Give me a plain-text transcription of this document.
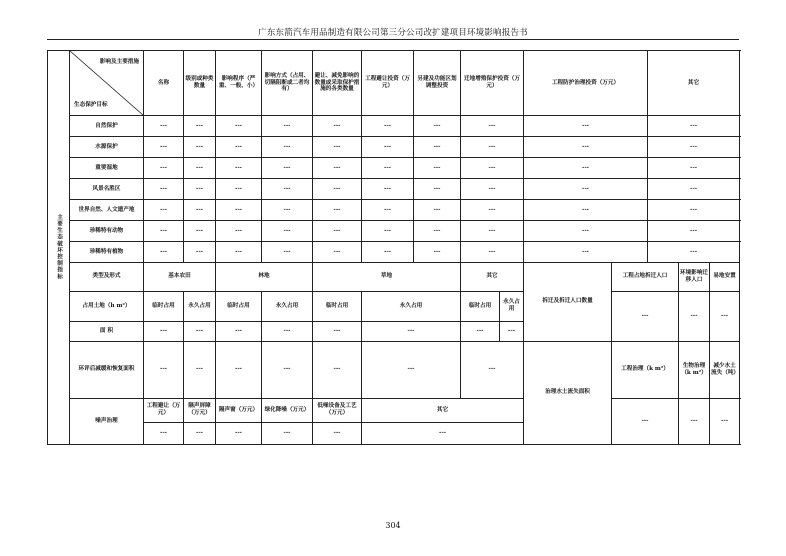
广东东箭汽车用品制造有限公司第三分公司改扩建项目环境影响报告书
主要生态破坏控制指标	影响及主要措施
生态保护目标	名称	级别或种类数量	影响程序（严重、一般、小）	影响方式（占用、切隔阻断或二者均有）	避让、减免影响的数量或采取保护措施的各类数量	工程避让投资（万元）	另建及功能区划调整投资	迁地增殖保护投资（万元）		工程防护治理投资（万元）		其它			
	自然保护	---	---	---	---	---	---	---	---		---		---			
	水源保护	---	---	---	---	---	---	---	---		---		---			
	重要湿地	---	---	---	---	---	---	---	---		---		---			
	风景名胜区	---	---	---	---	---	---	---	---		---		---			
	世界自然、人文遗产地	---	---	---	---	---	---	---	---		---		---			
	珍稀特有动物	---	---	---	---	---	---	---	---		---		---			
	珍稀特有植物	---	---	---	---	---	---	---	---		---		---			
	类型及形式	基本农田		林地		草地			其它		拆迁及拆迁人口数量	工程占地拆迁人口		环境影响迁移人口	易地安置		
	占用土地（h m²）	临时占用	永久占用	临时占用	永久占用	临时占用	永久占用		临时占用	永久占用		---		---	---		
	面 积	---	---	---	---	---	---		---	---						
	环评后减缓和恢复面积	---	---	---	---	---	---		---		治理水土流失面积	工程治理（k m²）		生物治理（k m²）	减少水土流失（吨）	
	噪声治理	工程避让（万元）	隔声屏障（万元）	隔声窗（万元）	绿化降噪（万元）	低噪设备及工艺（万元）	其它					---		---	---	
		---	---	---	---	---	---									
304
